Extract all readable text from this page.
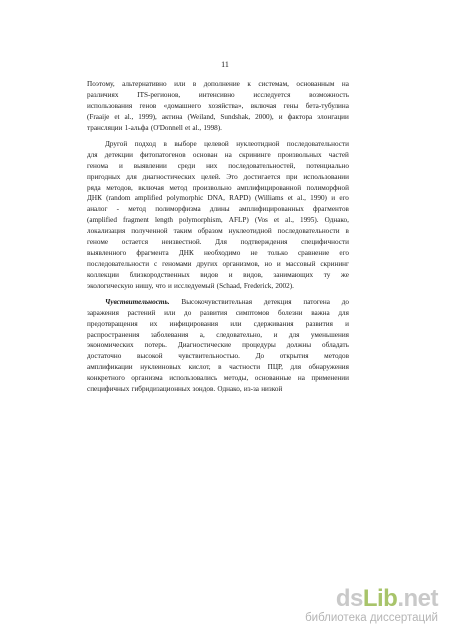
11
Поэтому, альтернативно или в дополнение к системам, основанным на
различиях	ITS-регионов,	интенсивно	исследуется	возможность
использования генов «домашнего хозяйства», включая гены бета-тубулина
(Fraaije et al., 1999), актина (Weiland, Sundshak, 2000), и фактора элонгации
трансляции 1-альфа (O'Donnell et al., 1998).
Другой подход в выборе целевой нуклеотидной последовательности
для детекции фитопатогенов основан на скрининге произвольных частей
генома и выявлении среди них последовательностей, потенциально
пригодных для диагностических целей. Это достигается при использовании
ряда методов, включая метод произвольно амплифицированной полиморфной
ДНК (random amplified polymorphic DNA, RAPD) (Williams et al., 1990) и его
аналог - метод полиморфизма длины амплифицированных фрагментов
(amplified fragment length polymorphism, AFLP) (Vos et al., 1995). Однако,
локализация полученной таким образом нуклеотидной последовательности в
геноме остается неизвестной. Для подтверждения специфичности
выявленного фрагмента ДНК необходимо не только сравнение его
последовательности с геномами других организмов, но и массовый скрининг
коллекции близкородственных видов и видов, занимающих ту же
экологическую нишу, что и исследуемый (Schaad, Frederick, 2002).
Чувствительность. Высокочувствительная детекция патогена до
заражения растений или до развития симптомов болезни важна для
предотвращения их инфицирования или сдерживания развития и
распространения заболевания а, следовательно, и для уменьшения
экономических потерь. Диагностические процедуры должны обладать
достаточно высокой чувствительностью. До открытия методов
амплификации нуклеиновых кислот, в частности ПЦР, для обнаружения
конкретного организма использовались методы, основанные на применении
специфичных гибридизационных зондов. Однако, из-за низкой
dsLib.net
библиотека диссертаций
